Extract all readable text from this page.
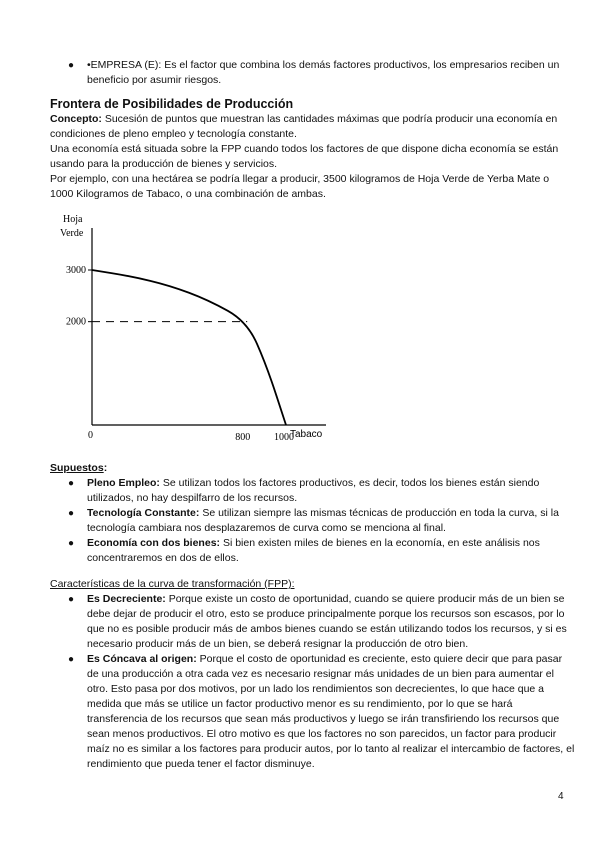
● •EMPRESA (E): Es el factor que combina los demás factores productivos, los empresarios reciben un beneficio por asumir riesgos.
Frontera de Posibilidades de Producción

Concepto: Sucesión de puntos que muestran las cantidades máximas que podría producir una economía en condiciones de pleno empleo y tecnología constante.

Una economía está situada sobre la FPP cuando todos los factores de que dispone dicha economía se están usando para la producción de bienes y servicios.

Por ejemplo, con una hectárea se podría llegar a producir, 3500 kilogramos de Hoja Verde de Yerba Mate o 1000 Kilogramos de Tabaco, o una combinación de ambas.

Hoja
Verde
3000
2000
800 1000
0	Tabaco
Supuestos:
● Pleno Empleo: Se utilizan todos los factores productivos, es decir, todos los bienes están siendo utilizados, no hay despilfarro de los recursos.
● Tecnología Constante: Se utilizan siempre las mismas técnicas de producción en toda la curva, si la tecnología cambiara nos desplazaremos de curva como se menciona al final.
● Economía con dos bienes: Si bien existen miles de bienes en la economía, en este análisis nos concentraremos en dos de ellos.
Características de la curva de transformación (FPP):
● Es Decreciente: Porque existe un costo de oportunidad, cuando se quiere producir más de un bien se debe dejar de producir el otro, esto se produce principalmente porque los recursos son escasos, por lo que no es posible producir más de ambos bienes cuando se están utilizando todos los recursos, y si es necesario producir más de un bien, se deberá resignar la producción de otro bien.
● Es Cóncava al origen: Porque el costo de oportunidad es creciente, esto quiere decir que para pasar de una producción a otra cada vez es necesario resignar más unidades de un bien para aumentar el otro. Esto pasa por dos motivos, por un lado los rendimientos son decrecientes, lo que hace que a medida que más se utilice un factor productivo menor es su rendimiento, por lo que se hará transferencia de los recursos que sean más productivos y luego se irán transfiriendo los recursos que sean menos productivos. El otro motivo es que los factores no son parecidos, un factor para producir maíz no es similar a los factores para producir autos, por lo tanto al realizar el intercambio de factores, el rendimiento que pueda tener el factor disminuye.
4
